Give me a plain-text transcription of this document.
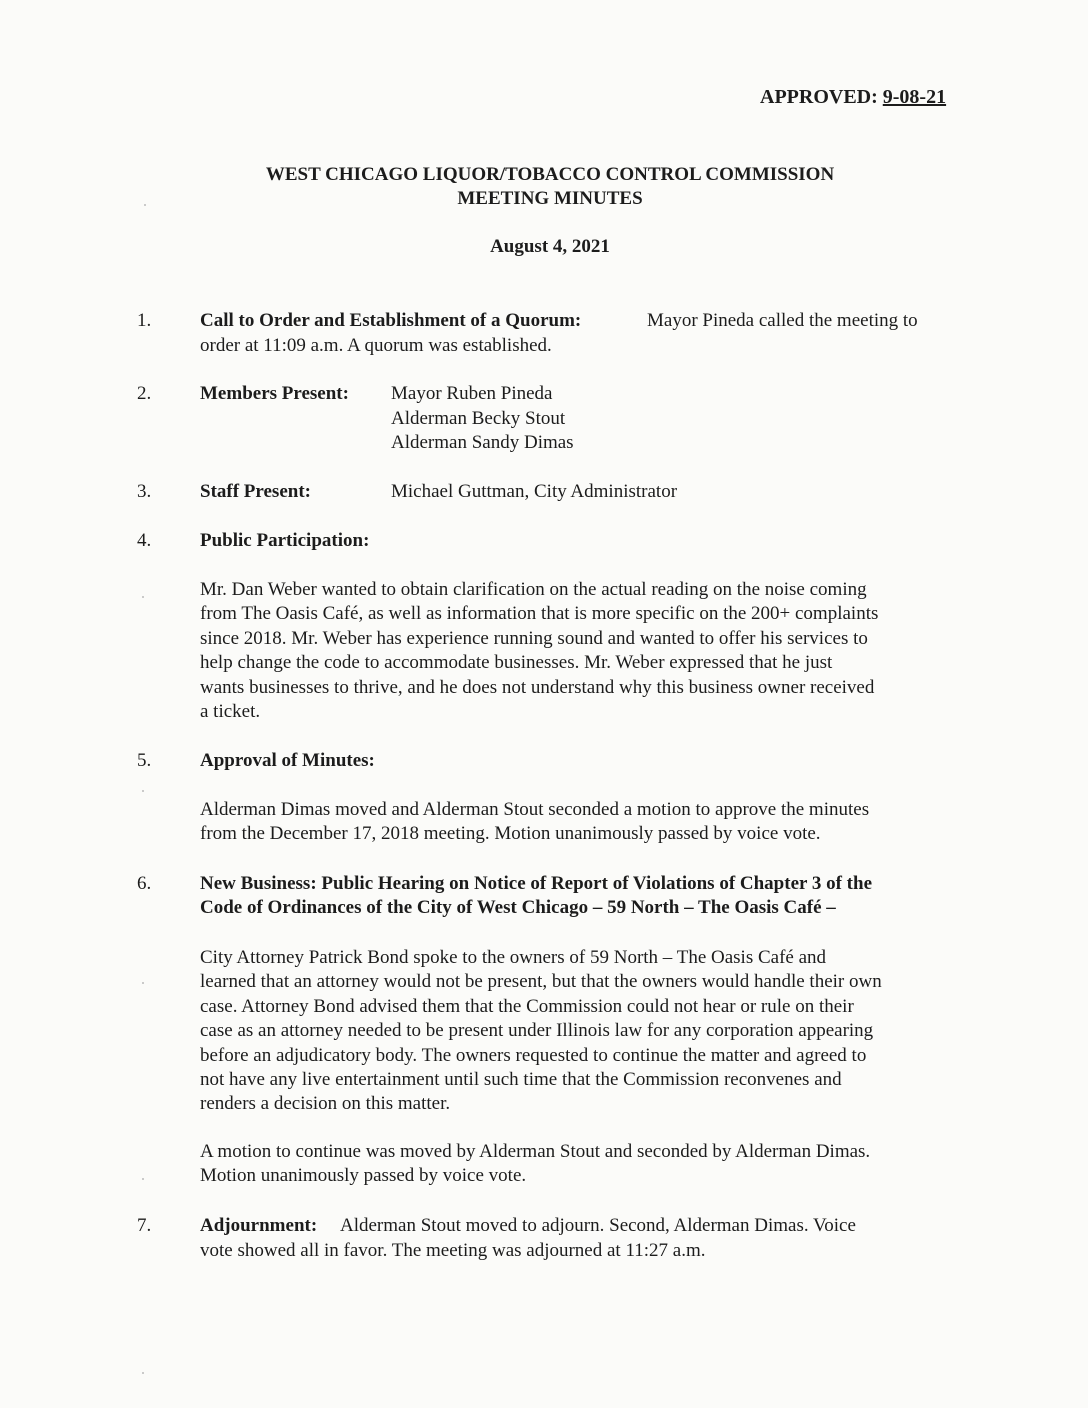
APPROVED: 9-08-21
WEST CHICAGO LIQUOR/TOBACCO CONTROL COMMISSION
MEETING MINUTES
August 4, 2021
1.	Call to Order and Establishment of a Quorum:	Mayor Pineda called the meeting to
order at 11:09 a.m. A quorum was established.
2.	Members Present: Mayor Ruben Pineda
Alderman Becky Stout
Alderman Sandy Dimas
3.	Staff Present:	Michael Guttman, City Administrator
4.	Public Participation:
Mr. Dan Weber wanted to obtain clarification on the actual reading on the noise coming
from The Oasis Café, as well as information that is more specific on the 200+ complaints
since 2018. Mr. Weber has experience running sound and wanted to offer his services to
help change the code to accommodate businesses. Mr. Weber expressed that he just
wants businesses to thrive, and he does not understand why this business owner received
a ticket.
5.	Approval of Minutes:
Alderman Dimas moved and Alderman Stout seconded a motion to approve the minutes
from the December 17, 2018 meeting. Motion unanimously passed by voice vote.
6.	New Business: Public Hearing on Notice of Report of Violations of Chapter 3 of the
Code of Ordinances of the City of West Chicago – 59 North – The Oasis Café –
City Attorney Patrick Bond spoke to the owners of 59 North – The Oasis Café and
learned that an attorney would not be present, but that the owners would handle their own
case. Attorney Bond advised them that the Commission could not hear or rule on their
case as an attorney needed to be present under Illinois law for any corporation appearing
before an adjudicatory body. The owners requested to continue the matter and agreed to
not have any live entertainment until such time that the Commission reconvenes and
renders a decision on this matter.
A motion to continue was moved by Alderman Stout and seconded by Alderman Dimas.
Motion unanimously passed by voice vote.
7.	Adjournment: Alderman Stout moved to adjourn. Second, Alderman Dimas. Voice
vote showed all in favor. The meeting was adjourned at 11:27 a.m.
